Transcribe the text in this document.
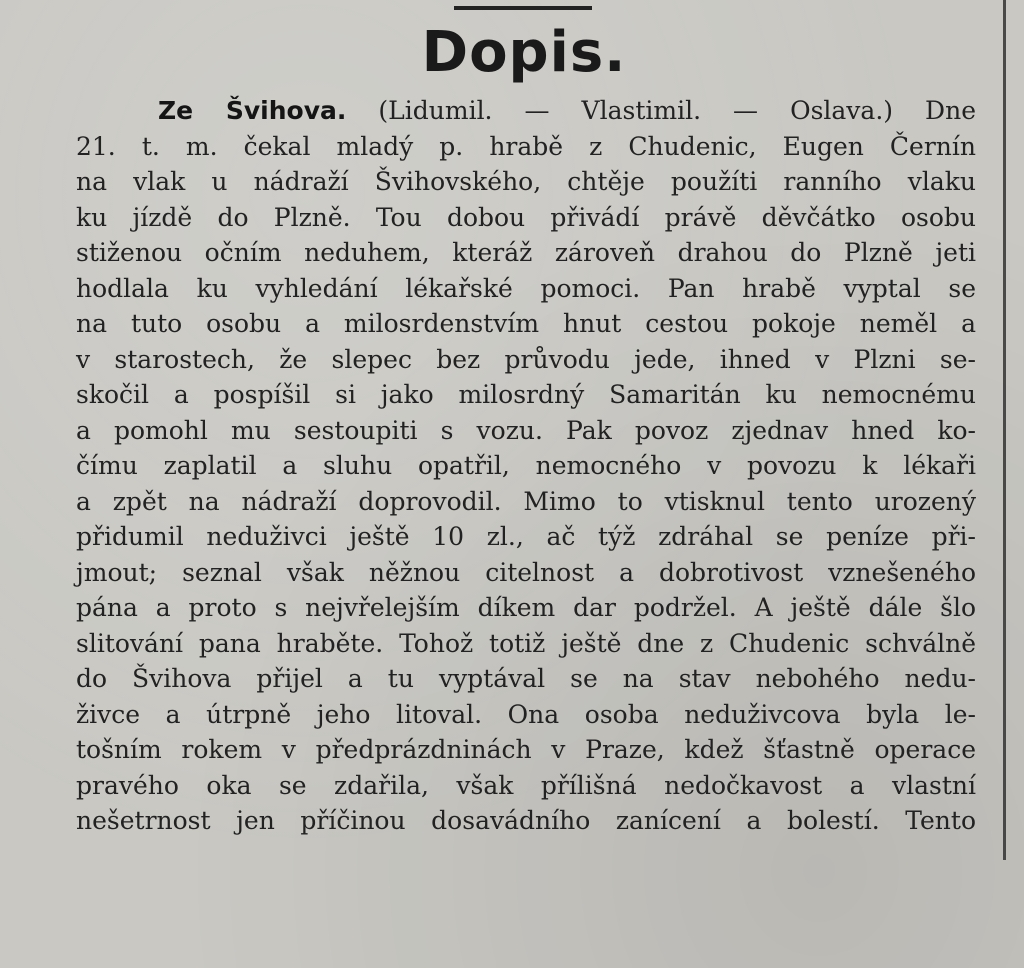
Dopis.
Ze Švihova. (Lidumil. — Vlastimil. — Oslava.) Dne
21. t. m. čekal mladý p. hrabě z Chudenic, Eugen Černín
na vlak u nádraží Švihovského, chtěje použíti ranního vlaku
ku jízdě do Plzně. Tou dobou přivádí právě děvčátko osobu
stiženou očním neduhem, kteráž zároveň drahou do Plzně jeti
hodlala ku vyhledání lékařské pomoci. Pan hrabě vyptal se
na tuto osobu a milosrdenstvím hnut cestou pokoje neměl a
v starostech, že slepec bez průvodu jede, ihned v Plzni se-
skočil a pospíšil si jako milosrdný Samaritán ku nemocnému
a pomohl mu sestoupiti s vozu. Pak povoz zjednav hned ko-
čímu zaplatil a sluhu opatřil, nemocného v povozu k lékaři
a zpět na nádraží doprovodil. Mimo to vtisknul tento urozený
přidumil neduživci ještě 10 zl., ač týž zdráhal se peníze při-
jmout; seznal však něžnou citelnost a dobrotivost vznešeného
pána a proto s nejvřelejším díkem dar podržel. A ještě dále šlo
slitování pana hraběte. Tohož totiž ještě dne z Chudenic schválně
do Švihova přijel a tu vyptával se na stav nebohého nedu-
živce a útrpně jeho litoval. Ona osoba neduživcova byla le-
tošním rokem v předprázdninách v Praze, kdež šťastně operace
pravého oka se zdařila, však přílišná nedočkavost a vlastní
nešetrnost jen příčinou dosavádního zanícení a bolestí. Tento
